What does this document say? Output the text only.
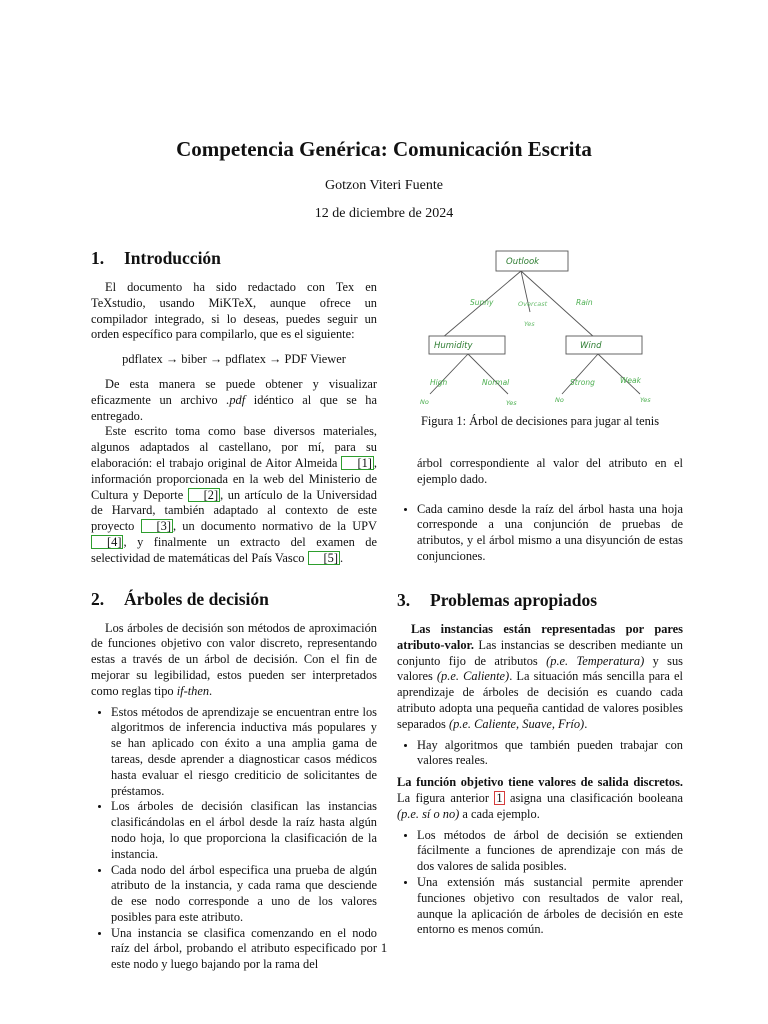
Competencia Genérica: Comunicación Escrita
Gotzon Viteri Fuente
12 de diciembre de 2024
1. Introducción

El documento ha sido redactado con Tex en TeXstudio, usando MiKTeX, aunque ofrece un compilador integrado, si lo deseas, puedes seguir un orden específico para compilarlo, que es el siguiente:

pdflatex → biber → pdflatex → PDF Viewer

De esta manera se puede obtener y visualizar eficazmente un archivo .pdf idéntico al que se ha entregado.

Este escrito toma como base diversos materiales, algunos adaptados al castellano, por mí, para su elaboración: el trabajo original de Aitor Almeida [1] , información proporcionada en la web del Ministerio de Cultura y Deporte [2] , un artículo de la Universidad de Harvard, también adaptado al contexto de este proyecto [3] , un documento normativo de la UPV [4] , y finalmente un extracto del examen de selectividad de matemáticas del País Vasco [5] .

2. Árboles de decisión

Los árboles de decisión son métodos de aproximación de funciones objetivo con valor discreto, representando estas a través de un árbol de decisión. Con el fin de mejorar su legibilidad, estos pueden ser interpretados como reglas tipo if-then.

• Estos métodos de aprendizaje se encuentran entre los algoritmos de inferencia inductiva más populares y se han aplicado con éxito a una amplia gama de tareas, desde aprender a diagnosticar casos médicos hasta evaluar el riesgo crediticio de solicitantes de préstamos.
• Los árboles de decisión clasifican las instancias clasificándolas en el árbol desde la raíz hasta algún nodo hoja, lo que proporciona la clasificación de la instancia.
• Cada nodo del árbol especifica una prueba de algún atributo de la instancia, y cada rama que desciende de ese nodo corresponde a uno de los valores posibles para este atributo.
• Una instancia se clasifica comenzando en el nodo raíz del árbol, probando el atributo especificado por este nodo y luego bajando por la rama del
Outlook
Humidity	Wind
Sunny	Overcast	Rain
High	Normal	Strong	Weak
Yes
No	Yes	No	Yes
Figura 1: Árbol de decisiones para jugar al tenis
árbol correspondiente al valor del atributo en el ejemplo dado.
• Cada camino desde la raíz del árbol hasta una hoja corresponde a una conjunción de pruebas de atributos, y el árbol mismo a una disyunción de estas conjunciones.
3. Problemas apropiados

Las instancias están representadas por pares atributo-valor. Las instancias se describen mediante un conjunto fijo de atributos (p.e. Temperatura) y sus valores (p.e. Caliente). La situación más sencilla para el aprendizaje de árboles de decisión es cuando cada atributo adopta una pequeña cantidad de valores posibles separados (p.e. Caliente, Suave, Frío).

• Hay algoritmos que también pueden trabajar con valores reales.

La función objetivo tiene valores de salida discretos. La figura anterior 1 asigna una clasificación booleana (p.e. sí o no) a cada ejemplo.

• Los métodos de árbol de decisión se extienden fácilmente a funciones de aprendizaje con más de dos valores de salida posibles.
• Una extensión más sustancial permite aprender funciones objetivo con resultados de valor real, aunque la aplicación de árboles de decisión en este entorno es menos común.
1
